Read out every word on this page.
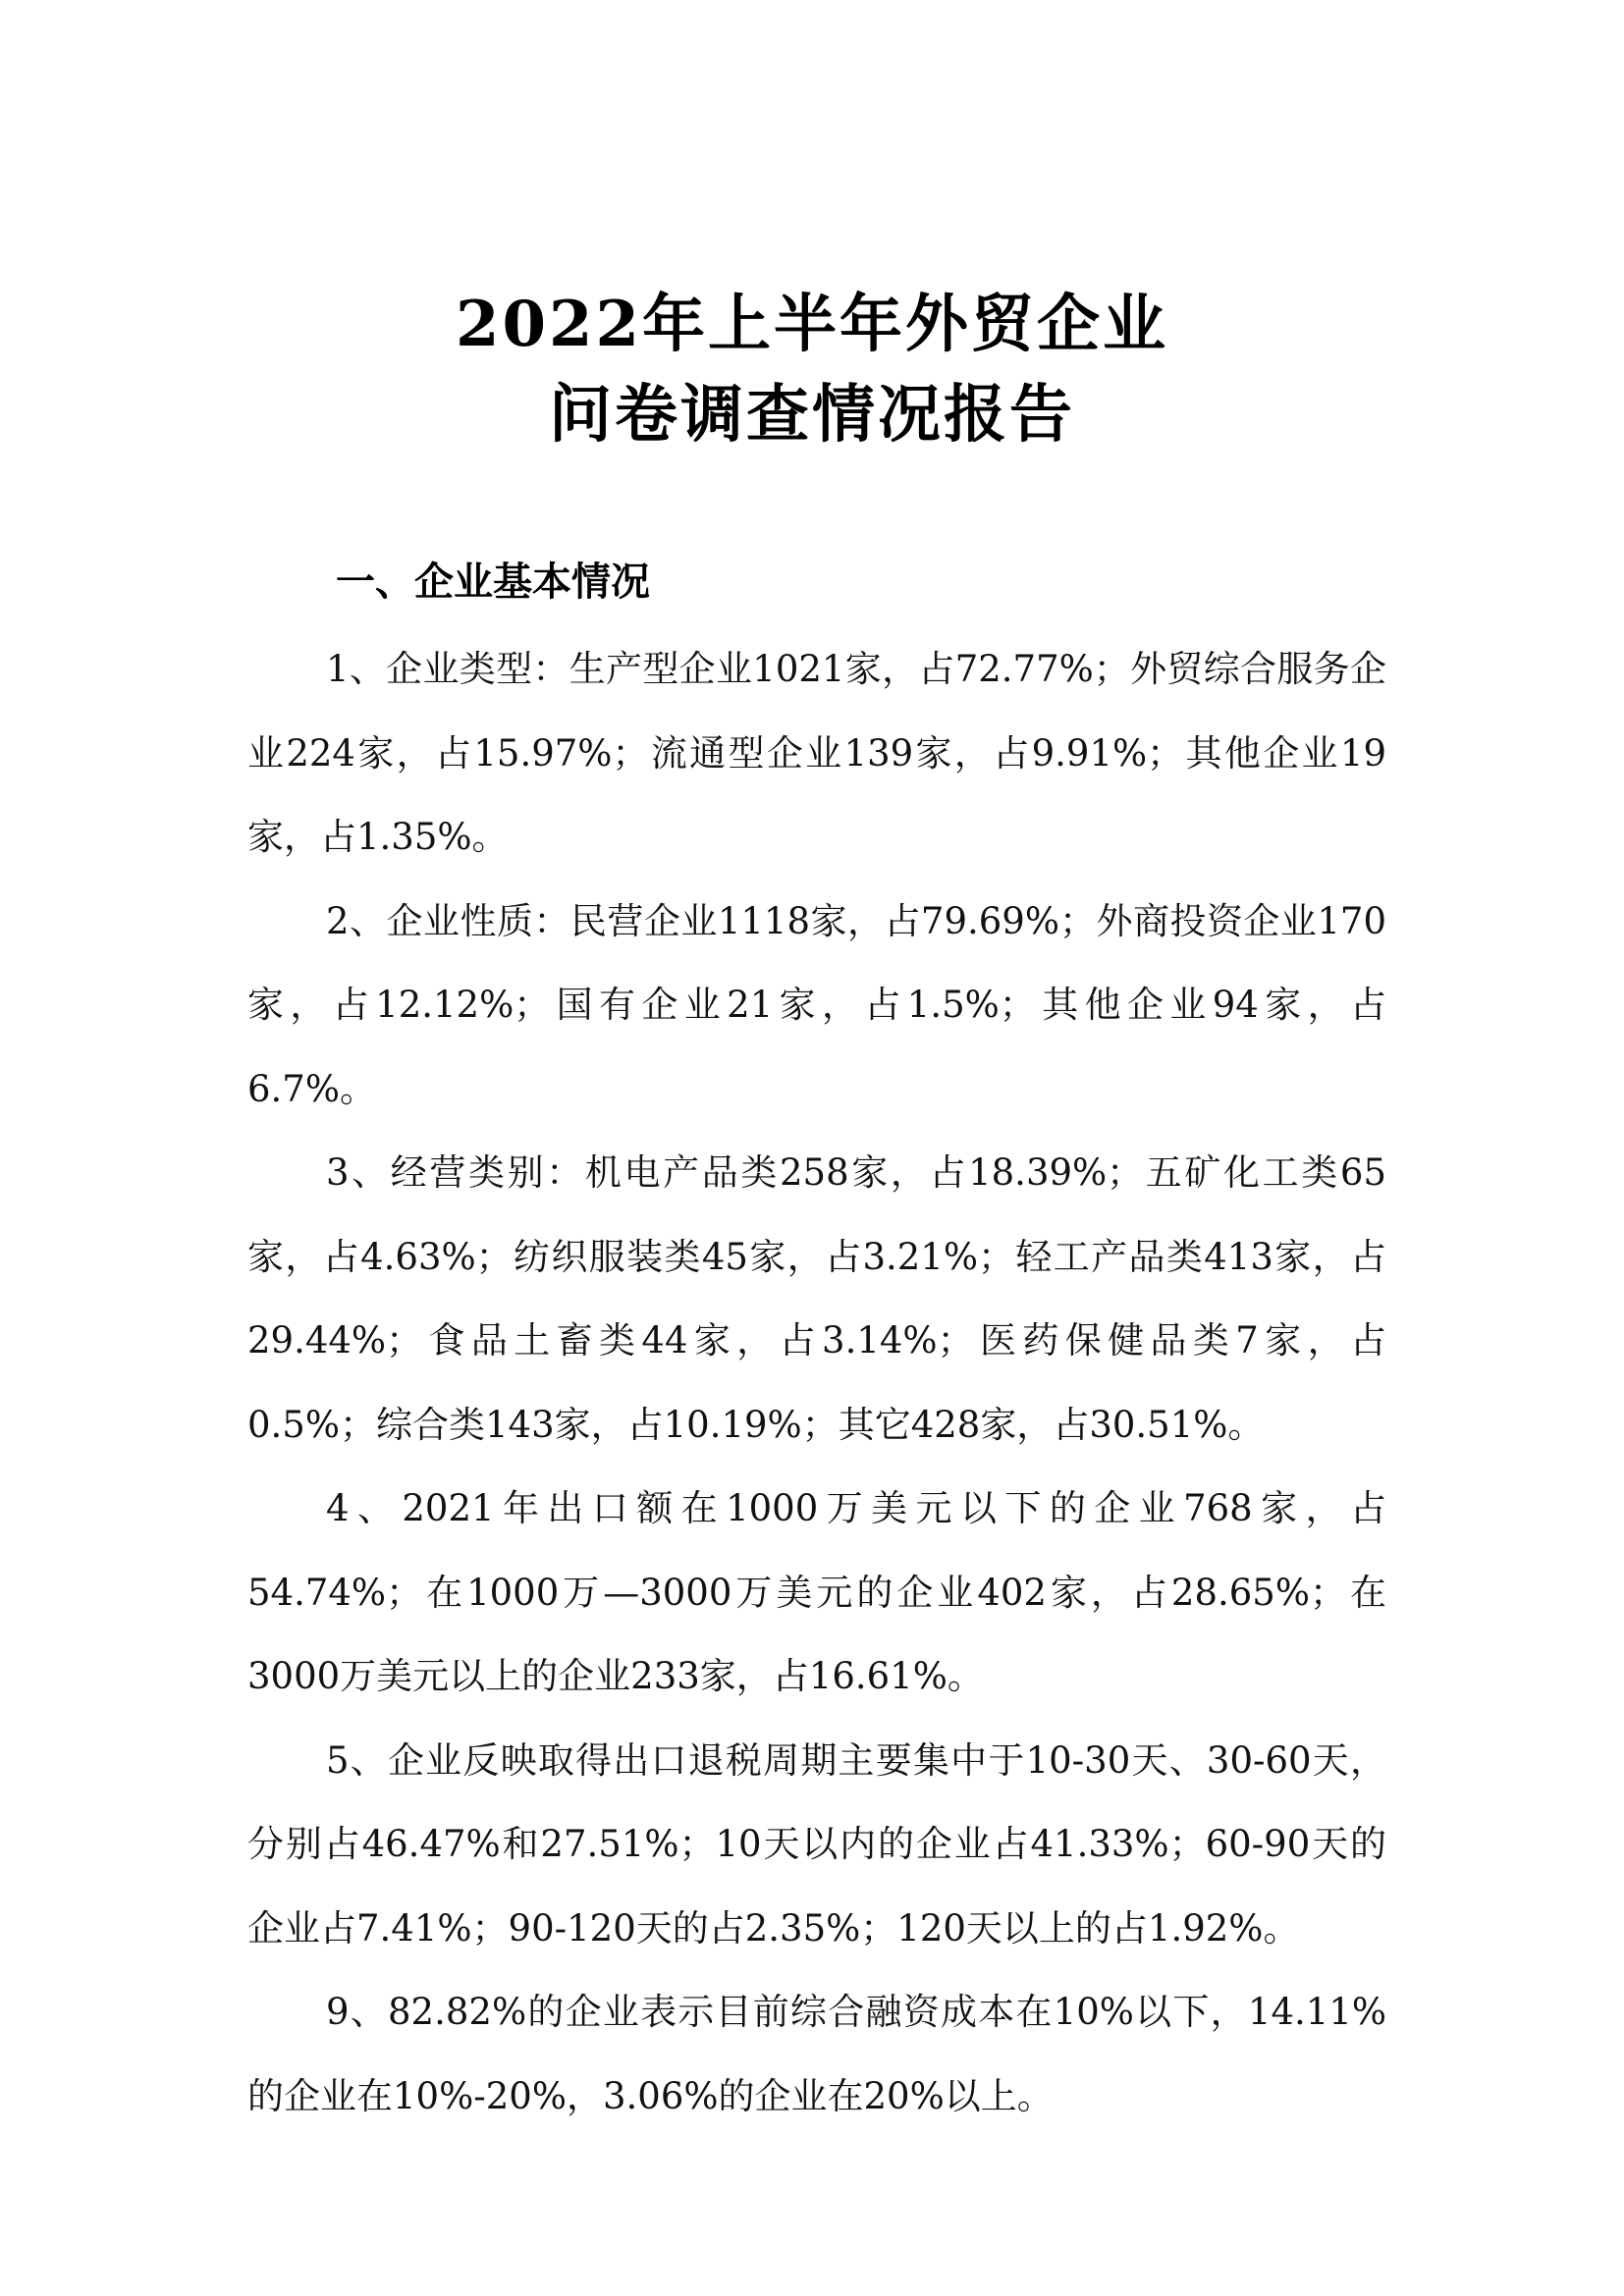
2022年上半年外贸企业
问卷调查情况报告
一、企业基本情况

1、企业类型：生产型企业1021家，占72.77%；外贸综合服务企业224家，占15.97%；流通型企业139家，占9.91%；其他企业19家，占1.35%。

2、企业性质：民营企业1118家，占79.69%；外商投资企业170家，占12.12%；国有企业21家，占1.5%；其他企业94家，占6.7%。

3、经营类别：机电产品类258家，占18.39%；五矿化工类65家，占4.63%；纺织服装类45家，占3.21%；轻工产品类413家，占29.44%；食品土畜类44家，占3.14%；医药保健品类7家，占0.5%；综合类143家，占10.19%；其它428家，占30.51%。

4、2021年出口额在1000万美元以下的企业768家，占54.74%；在1000万—3000万美元的企业402家，占28.65%；在3000万美元以上的企业233家，占16.61%。

5、企业反映取得出口退税周期主要集中于10-30天、30-60天，分别占46.47%和27.51%；10天以内的企业占41.33%；60-90天的企业占7.41%；90-120天的占2.35%；120天以上的占1.92%。

9、82.82%的企业表示目前综合融资成本在10%以下，14.11%的企业在10%-20%，3.06%的企业在20%以上。
